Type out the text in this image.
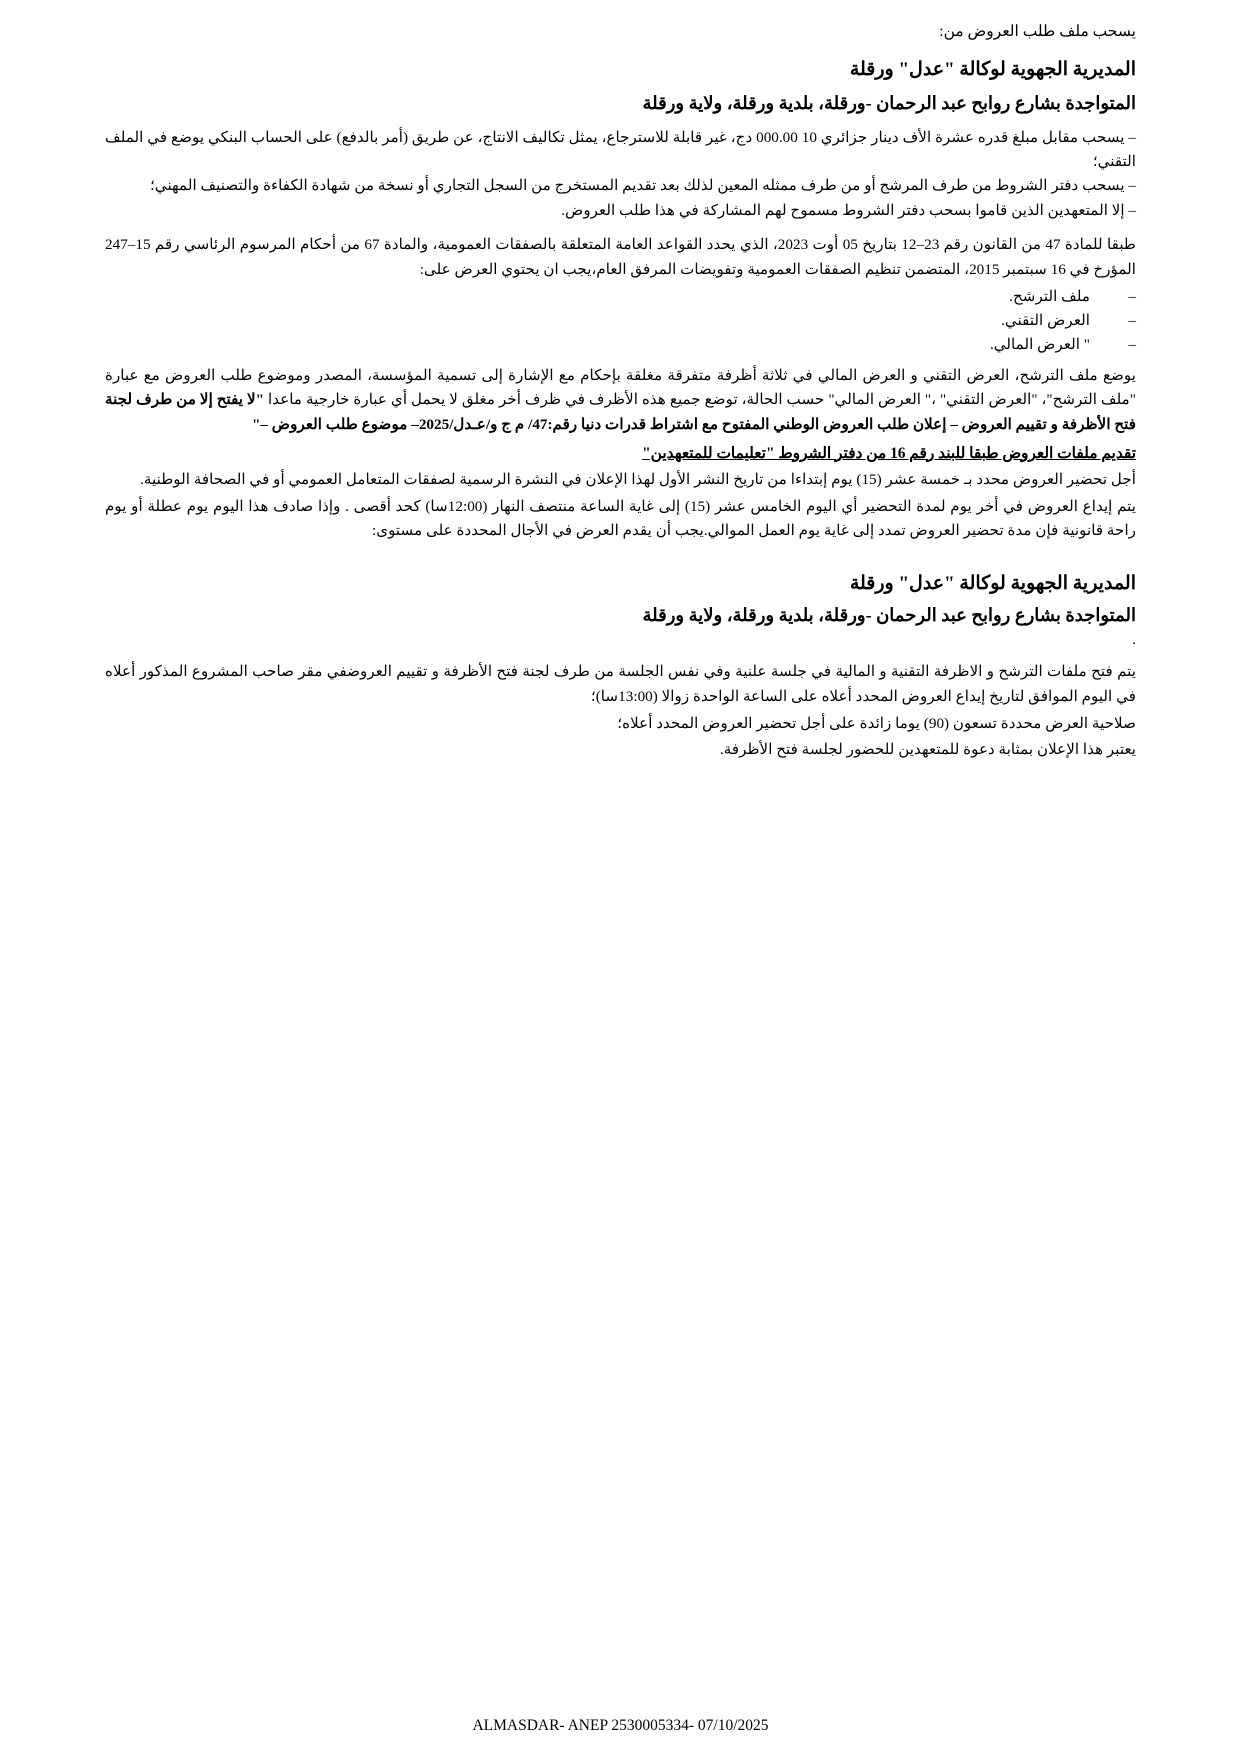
يسحب ملف طلب العروض من:

المديرية الجهوية لوكالة "عدل" ورقلة

المتواجدة بشارع روابح عبد الرحمان -ورقلة، بلدية ورقلة، ولاية ورقلة

– يسحب مقابل مبلغ قدره عشرة الأف دينار جزائري 10 000.00 دج، غير قابلة للاسترجاع، يمثل تكاليف الانتاج، عن طريق (أمر بالدفع) على الحساب البنكي يوضع في الملف التقني؛

– يسحب دفتر الشروط من طرف المرشح أو من طرف ممثله المعين لذلك بعد تقديم المستخرج من السجل التجاري أو نسخة من شهادة الكفاءة والتصنيف المهني؛

– إلا المتعهدين الذين قاموا بسحب دفتر الشروط مسموح لهم المشاركة في هذا طلب العروض.

طبقا للمادة 47 من القانون رقم 23–12 بتاريخ 05 أوت 2023، الذي يحدد القواعد العامة المتعلقة بالصفقات العمومية، والمادة 67 من أحكام المرسوم الرئاسي رقم 15–247 المؤرخ في 16 سبتمبر 2015، المتضمن تنظيم الصفقات العمومية وتفويضات المرفق العام،يجب ان يحتوي العرض على:

–ملف الترشح.
–العرض التقني.
–" العرض المالي.

يوضع ملف الترشح، العرض التقني و العرض المالي في ثلاثة أظرفة متفرقة مغلقة بإحكام مع الإشارة إلى تسمية المؤسسة، المصدر وموضوع طلب العروض مع عبارة "ملف الترشح"، "العرض التقني" ،" العرض المالي" حسب الحالة، توضع جميع هذه الأظرف في ظرف أخر مغلق لا يحمل أي عبارة خارجية ماعدا "لا يفتح إلا من طرف لجنة فتح الأظرفة و تقييم العروض – إعلان طلب العروض الوطني المفتوح مع اشتراط قدرات دنيا رقم:47/ م ج و/عـدل/2025– موضوع طلب العروض –"

تقديم ملفات العروض طبقا للبند رقم 16 من دفتر الشروط "تعليمات للمتعهدين"

أجل تحضير العروض محدد بـ خمسة عشر (15) يوم إبتداءا من تاريخ النشر الأول لهذا الإعلان في النشرة الرسمية لصفقات المتعامل العمومي أو في الصحافة الوطنية.

يتم إيداع العروض في أخر يوم لمدة التحضير أي اليوم الخامس عشر (15) إلى غاية الساعة منتصف النهار (12:00سا) كحد أقصى . وإذا صادف هذا اليوم يوم عطلة أو يوم راحة قانونية فإن مدة تحضير العروض تمدد إلى غاية يوم العمل الموالي.يجب أن يقدم العرض في الأجال المحددة على مستوى:

المديرية الجهوية لوكالة "عدل" ورقلة

المتواجدة بشارع روابح عبد الرحمان -ورقلة، بلدية ورقلة، ولاية ورقلة

.

يتم فتح ملفات الترشح و الاظرفة التقنية و المالية في جلسة علنية وفي نفس الجلسة من طرف لجنة فتح الأظرفة و تقييم العروضفي مقر صاحب المشروع المذكور أعلاه في اليوم الموافق لتاريخ إيداع العروض المحدد أعلاه على الساعة الواحدة زوالا (13:00سا)؛

صلاحية العرض محددة تسعون (90) يوما زائدة على أجل تحضير العروض المحدد أعلاه؛

يعتبر هذا الإعلان بمثابة دعوة للمتعهدين للحضور لجلسة فتح الأظرفة.

ALMASDAR- ANEP 2530005334- 07/10/2025
